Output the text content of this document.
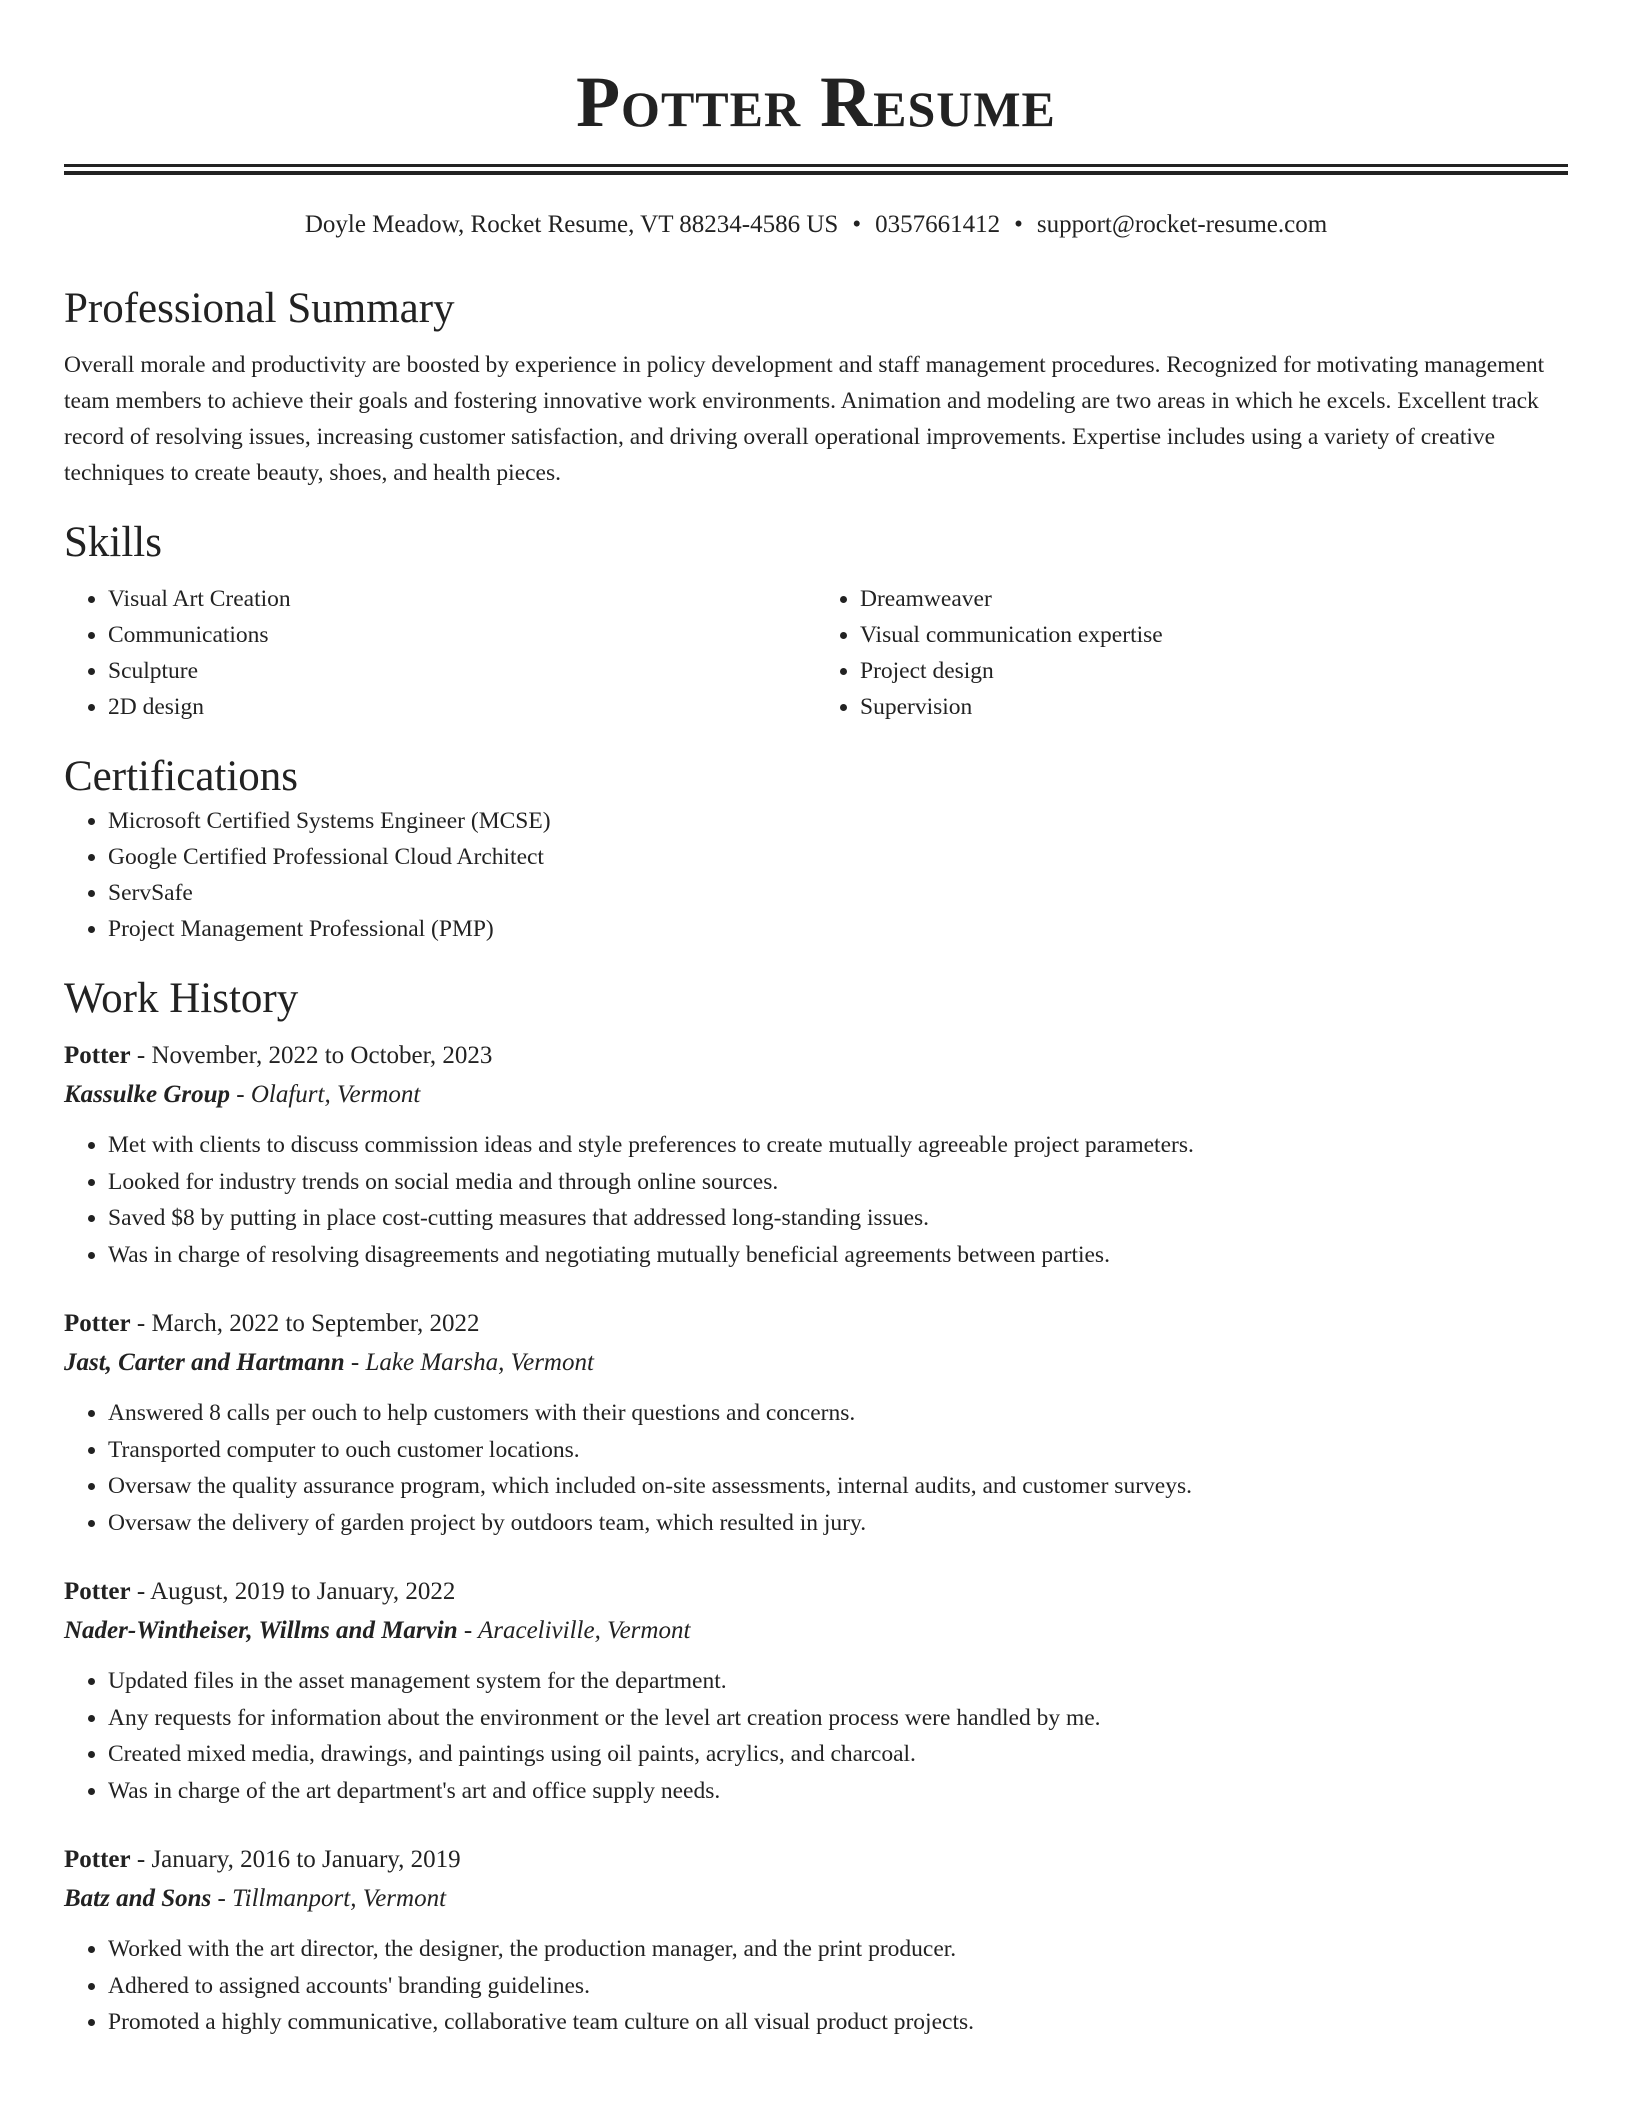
Potter Resume
Doyle Meadow, Rocket Resume, VT 88234-4586 US • 0357661412 • support@rocket-resume.com
Professional Summary

Overall morale and productivity are boosted by experience in policy development and staff management procedures. Recognized for motivating management team members to achieve their goals and fostering innovative work environments. Animation and modeling are two areas in which he excels. Excellent track record of resolving issues, increasing customer satisfaction, and driving overall operational improvements. Expertise includes using a variety of creative techniques to create beauty, shoes, and health pieces.

Skills
• Visual Art Creation
• Communications
• Sculpture
• 2D design
• Dreamweaver
• Visual communication expertise
• Project design
• Supervision
Certifications
• Microsoft Certified Systems Engineer (MCSE)
• Google Certified Professional Cloud Architect
• ServSafe
• Project Management Professional (PMP)
Work History
Potter - November, 2022 to October, 2023
Kassulke Group - Olafurt, Vermont
• Met with clients to discuss commission ideas and style preferences to create mutually agreeable project parameters.
• Looked for industry trends on social media and through online sources.
• Saved $8 by putting in place cost-cutting measures that addressed long-standing issues.
• Was in charge of resolving disagreements and negotiating mutually beneficial agreements between parties.
Potter - March, 2022 to September, 2022
Jast, Carter and Hartmann - Lake Marsha, Vermont
• Answered 8 calls per ouch to help customers with their questions and concerns.
• Transported computer to ouch customer locations.
• Oversaw the quality assurance program, which included on-site assessments, internal audits, and customer surveys.
• Oversaw the delivery of garden project by outdoors team, which resulted in jury.
Potter - August, 2019 to January, 2022
Nader-Wintheiser, Willms and Marvin - Araceliville, Vermont
• Updated files in the asset management system for the department.
• Any requests for information about the environment or the level art creation process were handled by me.
• Created mixed media, drawings, and paintings using oil paints, acrylics, and charcoal.
• Was in charge of the art department's art and office supply needs.
Potter - January, 2016 to January, 2019
Batz and Sons - Tillmanport, Vermont
• Worked with the art director, the designer, the production manager, and the print producer.
• Adhered to assigned accounts' branding guidelines.
• Promoted a highly communicative, collaborative team culture on all visual product projects.
